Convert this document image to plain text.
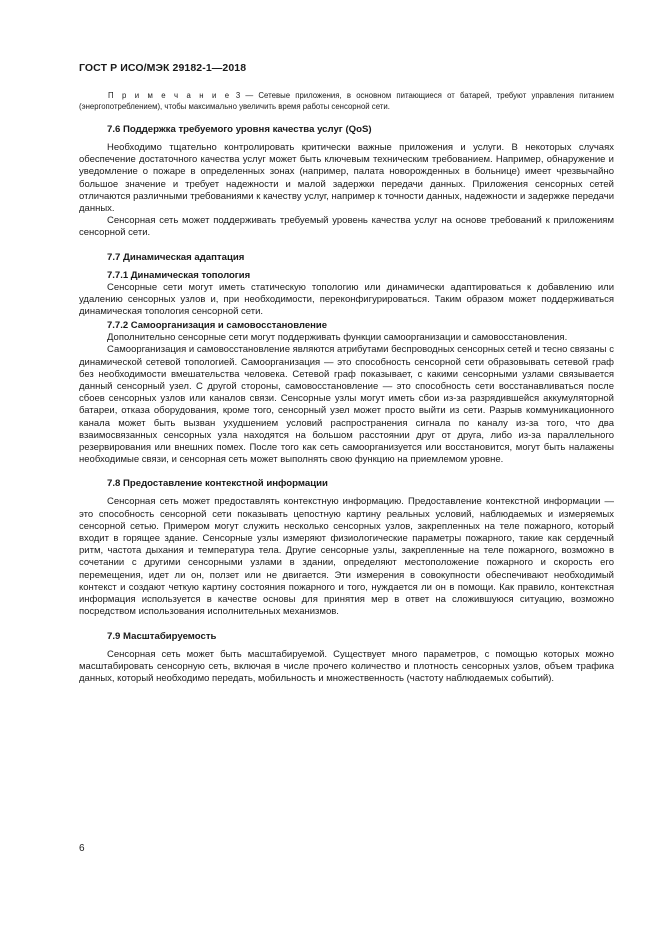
ГОСТ Р ИСО/МЭК 29182-1—2018
П р и м е ч а н и е 3 — Сетевые приложения, в основном питающиеся от батарей, требуют управления питанием (энергопотреблением), чтобы максимально увеличить время работы сенсорной сети.
7.6 Поддержка требуемого уровня качества услуг (QoS)

Необходимо тщательно контролировать критически важные приложения и услуги. В некоторых случаях обеспечение достаточного качества услуг может быть ключевым техническим требованием. Например, обнаружение и уведомление о пожаре в определенных зонах (например, палата новорожденных в больнице) имеет чрезвычайно большое значение и требует надежности и малой задержки передачи данных. Приложения сенсорных сетей отличаются различными требованиями к качеству услуг, например к точности данных, надежности и задержке передачи данных.

Сенсорная сеть может поддерживать требуемый уровень качества услуг на основе требований к приложениям сенсорной сети.

7.7 Динамическая адаптация
7.7.1 Динамическая топология

Сенсорные сети могут иметь статическую топологию или динамически адаптироваться к добавлению или удалению сенсорных узлов и, при необходимости, переконфигурироваться. Таким образом может поддерживаться динамическая топология сенсорной сети.

7.7.2 Самоорганизация и самовосстановление

Дополнительно сенсорные сети могут поддерживать функции самоорганизации и самовосстановления.

Самоорганизация и самовосстановление являются атрибутами беспроводных сенсорных сетей и тесно связаны с динамической сетевой топологией. Самоорганизация — это способность сенсорной сети образовывать сетевой граф без необходимости вмешательства человека. Сетевой граф показывает, с какими сенсорными узлами связывается данный сенсорный узел. С другой стороны, самовосстановление — это способность сети восстанавливаться после сбоев сенсорных узлов или каналов связи. Сенсорные узлы могут иметь сбои из-за разрядившейся аккумуляторной батареи, отказа оборудования, кроме того, сенсорный узел может просто выйти из сети. Разрыв коммуникационного канала может быть вызван ухудшением условий распространения сигнала по каналу из-за того, что два взаимосвязанных сенсорных узла находятся на большом расстоянии друг от друга, либо из-за параллельного резервирования или внешних помех. После того как сеть самоорганизуется или восстановится, могут быть налажены необходимые связи, и сенсорная сеть может выполнять свою функцию на приемлемом уровне.

7.8 Предоставление контекстной информации

Сенсорная сеть может предоставлять контекстную информацию. Предоставление контекстной информации — это способность сенсорной сети показывать цепостную картину реальных условий, наблюдаемых и измеряемых сенсорной сетью. Примером могут служить несколько сенсорных узлов, закрепленных на теле пожарного, который входит в горящее здание. Сенсорные узлы измеряют физиологические параметры пожарного, такие как сердечный ритм, частота дыхания и температура тела. Другие сенсорные узлы, закрепленные на теле пожарного, возможно в сочетании с другими сенсорными узлами в здании, определяют местоположение пожарного и скорость его перемещения, идет ли он, ползет или не двигается. Эти измерения в совокупности обеспечивают необходимый контекст и создают четкую картину состояния пожарного и того, нуждается ли он в помощи. Как правило, контекстная информация используется в качестве основы для принятия мер в ответ на сложившуюся ситуацию, возможно посредством использования исполнительных механизмов.

7.9 Масштабируемость

Сенсорная сеть может быть масштабируемой. Существует много параметров, с помощью которых можно масштабировать сенсорную сеть, включая в числе прочего количество и плотность сенсорных узлов, объем трафика данных, который необходимо передать, мобильность и множественность (частоту наблюдаемых событий).

6
